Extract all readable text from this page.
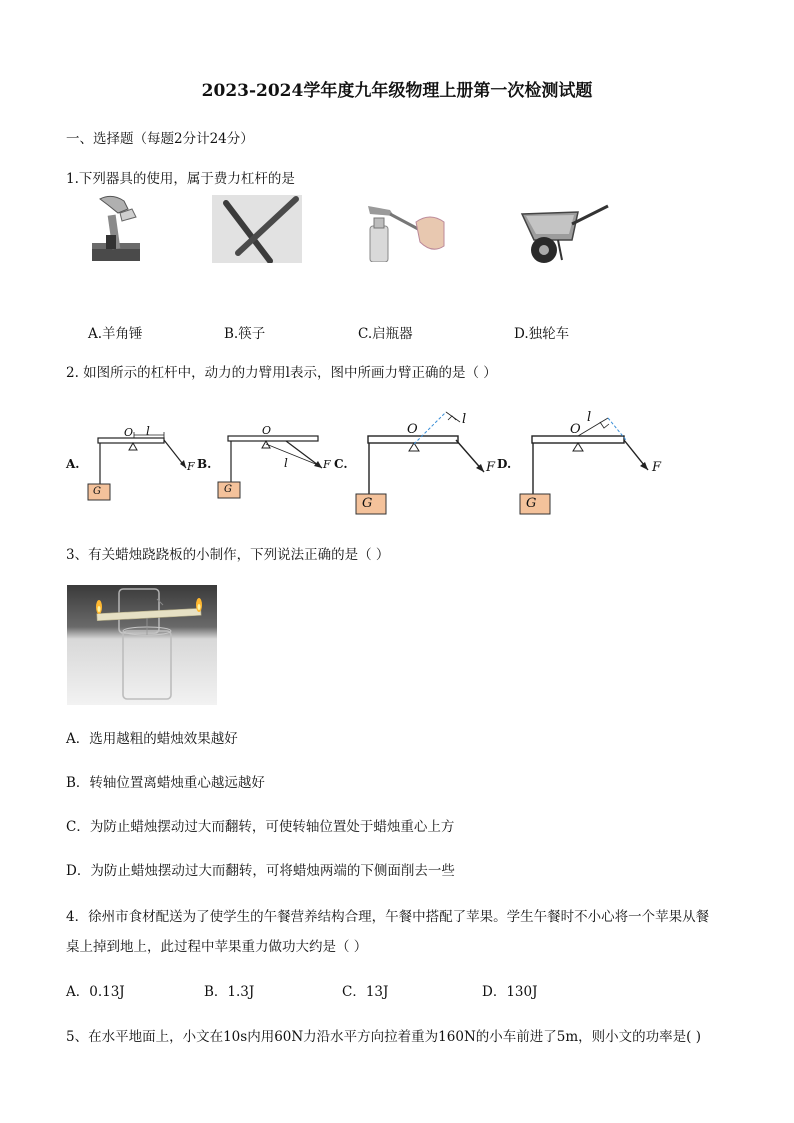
2023-2024学年度九年级物理上册第一次检测试题
一、选择题（每题2分计24分）
1.下列器具的使用，属于费力杠杆的是
A.羊角锤	B.筷子	C.启瓶器	D.独轮车
2. 如图所示的杠杆中，动力的力臂用l表示，图中所画力臂正确的是（ ）
A.	B.	C.	D.
O l
F
G
O
l	F
G
O
l
F
G
O
l
F
G
3、有关蜡烛跷跷板的小制作，下列说法正确的是（ ）
A．选用越粗的蜡烛效果越好
B．转轴位置离蜡烛重心越远越好
C．为防止蜡烛摆动过大而翻转，可使转轴位置处于蜡烛重心上方
D．为防止蜡烛摆动过大而翻转，可将蜡烛两端的下侧面削去一些
4．徐州市食材配送为了使学生的午餐营养结构合理，午餐中搭配了苹果。学生午餐时不小心将一个苹果从餐
桌上掉到地上，此过程中苹果重力做功大约是（ ）
A．0.13J	B．1.3J	C．13J	D．130J
5、在水平地面上，小文在10s内用60N力沿水平方向拉着重为160N的小车前进了5m，则小文的功率是( )
